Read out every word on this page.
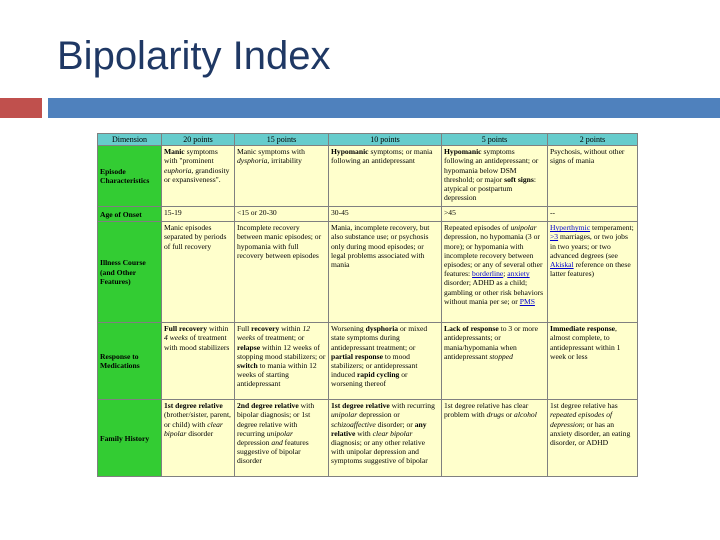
Bipolarity Index
Dimension	20 points	15 points	10 points	5 points	2 points
Episode Characteristics	Manic symptoms with "prominent euphoria, grandiosity or expansiveness".	Manic symptoms with dysphoria, irritability	Hypomanic symptoms; or mania following an antidepressant	Hypomanic symptoms following an antidepressant; or hypomania below DSM threshold; or major soft signs: atypical or postpartum depression	Psychosis, without other signs of mania
Age of Onset	15-19	<15 or 20-30	30-45	>45	--
Illness Course (and Other Features)	Manic episodes separated by periods of full recovery	Incomplete recovery between manic episodes; or hypomania with full recovery between episodes	Mania, incomplete recovery, but also substance use; or psychosis only during mood episodes; or legal problems associated with mania	Repeated episodes of unipolar depression, no hypomania (3 or more); or hypomania with incomplete recovery between episodes; or any of several other features: borderline; anxiety disorder; ADHD as a child; gambling or other risk behaviors without mania per se; or PMS	Hyperthymic temperament; >3 marriages, or two jobs in two years; or two advanced degrees (see Akiskal reference on these latter features)
Response to Medications	Full recovery within 4 weeks of treatment with mood stabilizers	Full recovery within 12 weeks of treatment; or relapse within 12 weeks of stopping mood stabilizers; or switch to mania within 12 weeks of starting antidepressant	Worsening dysphoria or mixed state symptoms during antidepressant treatment; or partial response to mood stabilizers; or antidepressant induced rapid cycling or worsening thereof	Lack of response to 3 or more antidepressants; or mania/hypomania when antidepressant stopped	Immediate response, almost complete, to antidepressant within 1 week or less
Family History	1st degree relative (brother/sister, parent, or child) with clear bipolar disorder	2nd degree relative with bipolar diagnosis; or 1st degree relative with recurring unipolar depression and features suggestive of bipolar disorder	1st degree relative with recurring unipolar depression or schizoaffective disorder; or any relative with clear bipolar diagnosis; or any other relative with unipolar depression and symptoms suggestive of bipolar	1st degree relative has clear problem with drugs or alcohol	1st degree relative has repeated episodes of depression; or has an anxiety disorder, an eating disorder, or ADHD
